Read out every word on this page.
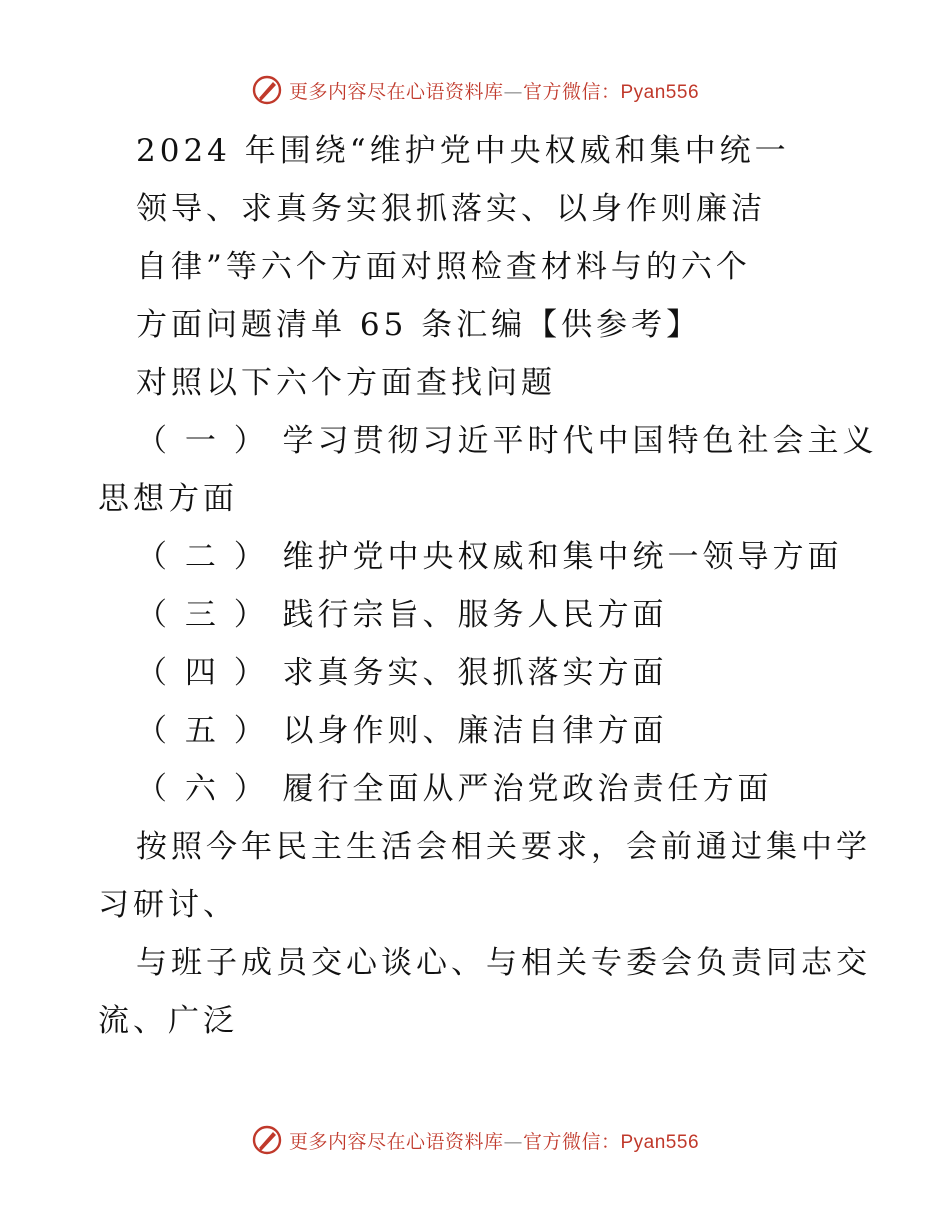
更多内容尽在心语资料库—官方微信：Pyan556
2024 年围绕“维护党中央权威和集中统一
领导、求真务实狠抓落实、以身作则廉洁
自律”等六个方面对照检查材料与的六个
方面问题清单 65 条汇编【供参考】
对照以下六个方面查找问题
（ 一 ） 学习贯彻习近平时代中国特色社会主义
思想方面
（ 二 ） 维护党中央权威和集中统一领导方面
（ 三 ） 践行宗旨、服务人民方面
（ 四 ） 求真务实、狠抓落实方面
（ 五 ） 以身作则、廉洁自律方面
（ 六 ） 履行全面从严治党政治责任方面
按照今年民主生活会相关要求，会前通过集中学
习研讨、
与班子成员交心谈心、与相关专委会负责同志交
流、广泛
更多内容尽在心语资料库—官方微信：Pyan556
